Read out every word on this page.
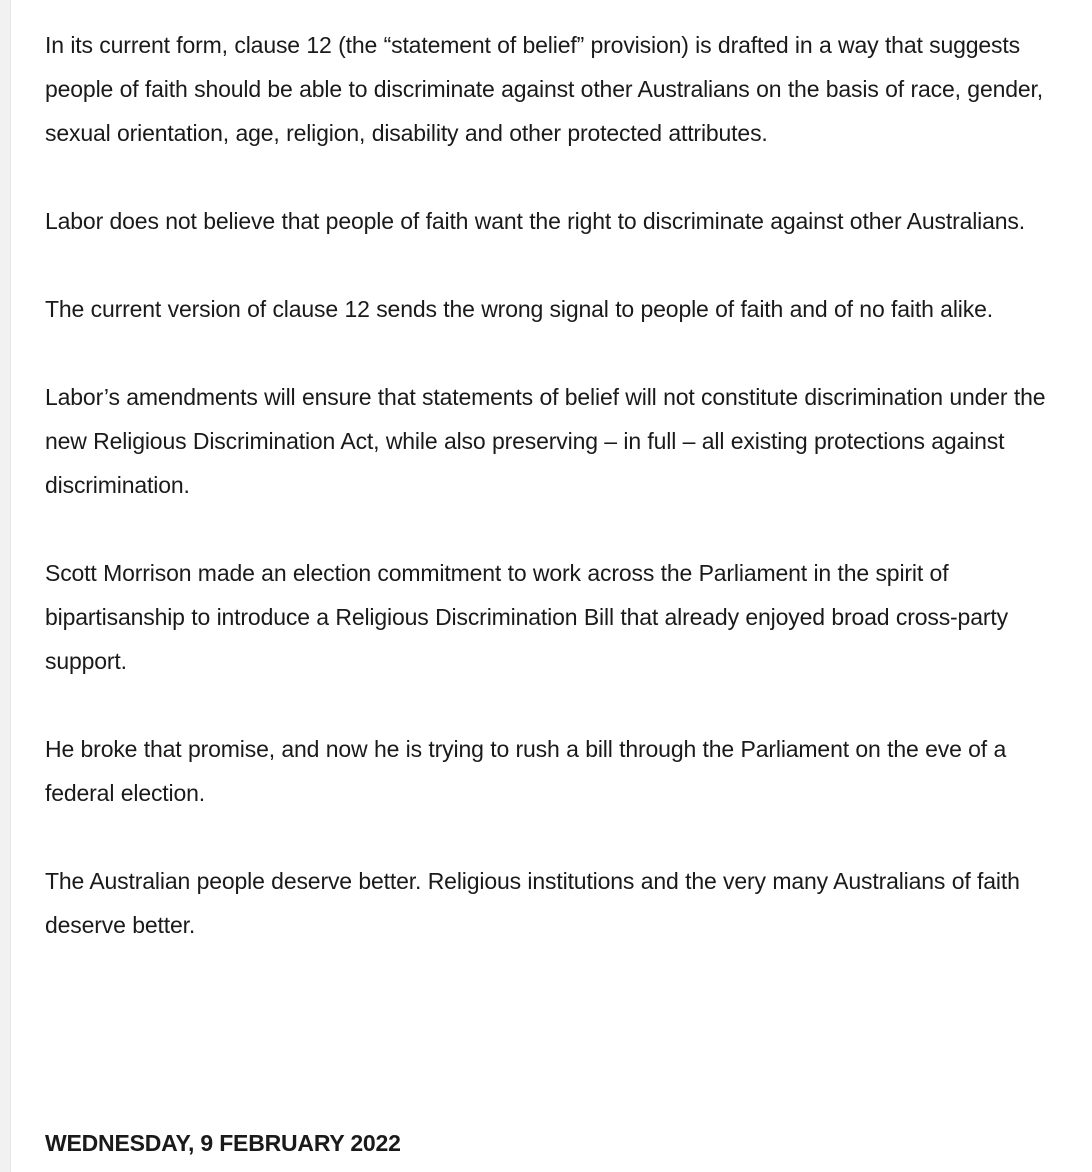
In its current form, clause 12 (the “statement of belief” provision) is drafted in a way that suggests people of faith should be able to discriminate against other Australians on the basis of race, gender, sexual orientation, age, religion, disability and other protected attributes.

Labor does not believe that people of faith want the right to discriminate against other Australians.

The current version of clause 12 sends the wrong signal to people of faith and of no faith alike.

Labor’s amendments will ensure that statements of belief will not constitute discrimination under the new Religious Discrimination Act, while also preserving – in full – all existing protections against discrimination.

Scott Morrison made an election commitment to work across the Parliament in the spirit of bipartisanship to introduce a Religious Discrimination Bill that already enjoyed broad cross-party support.

He broke that promise, and now he is trying to rush a bill through the Parliament on the eve of a federal election.

The Australian people deserve better. Religious institutions and the very many Australians of faith deserve better.

WEDNESDAY, 9 FEBRUARY 2022
